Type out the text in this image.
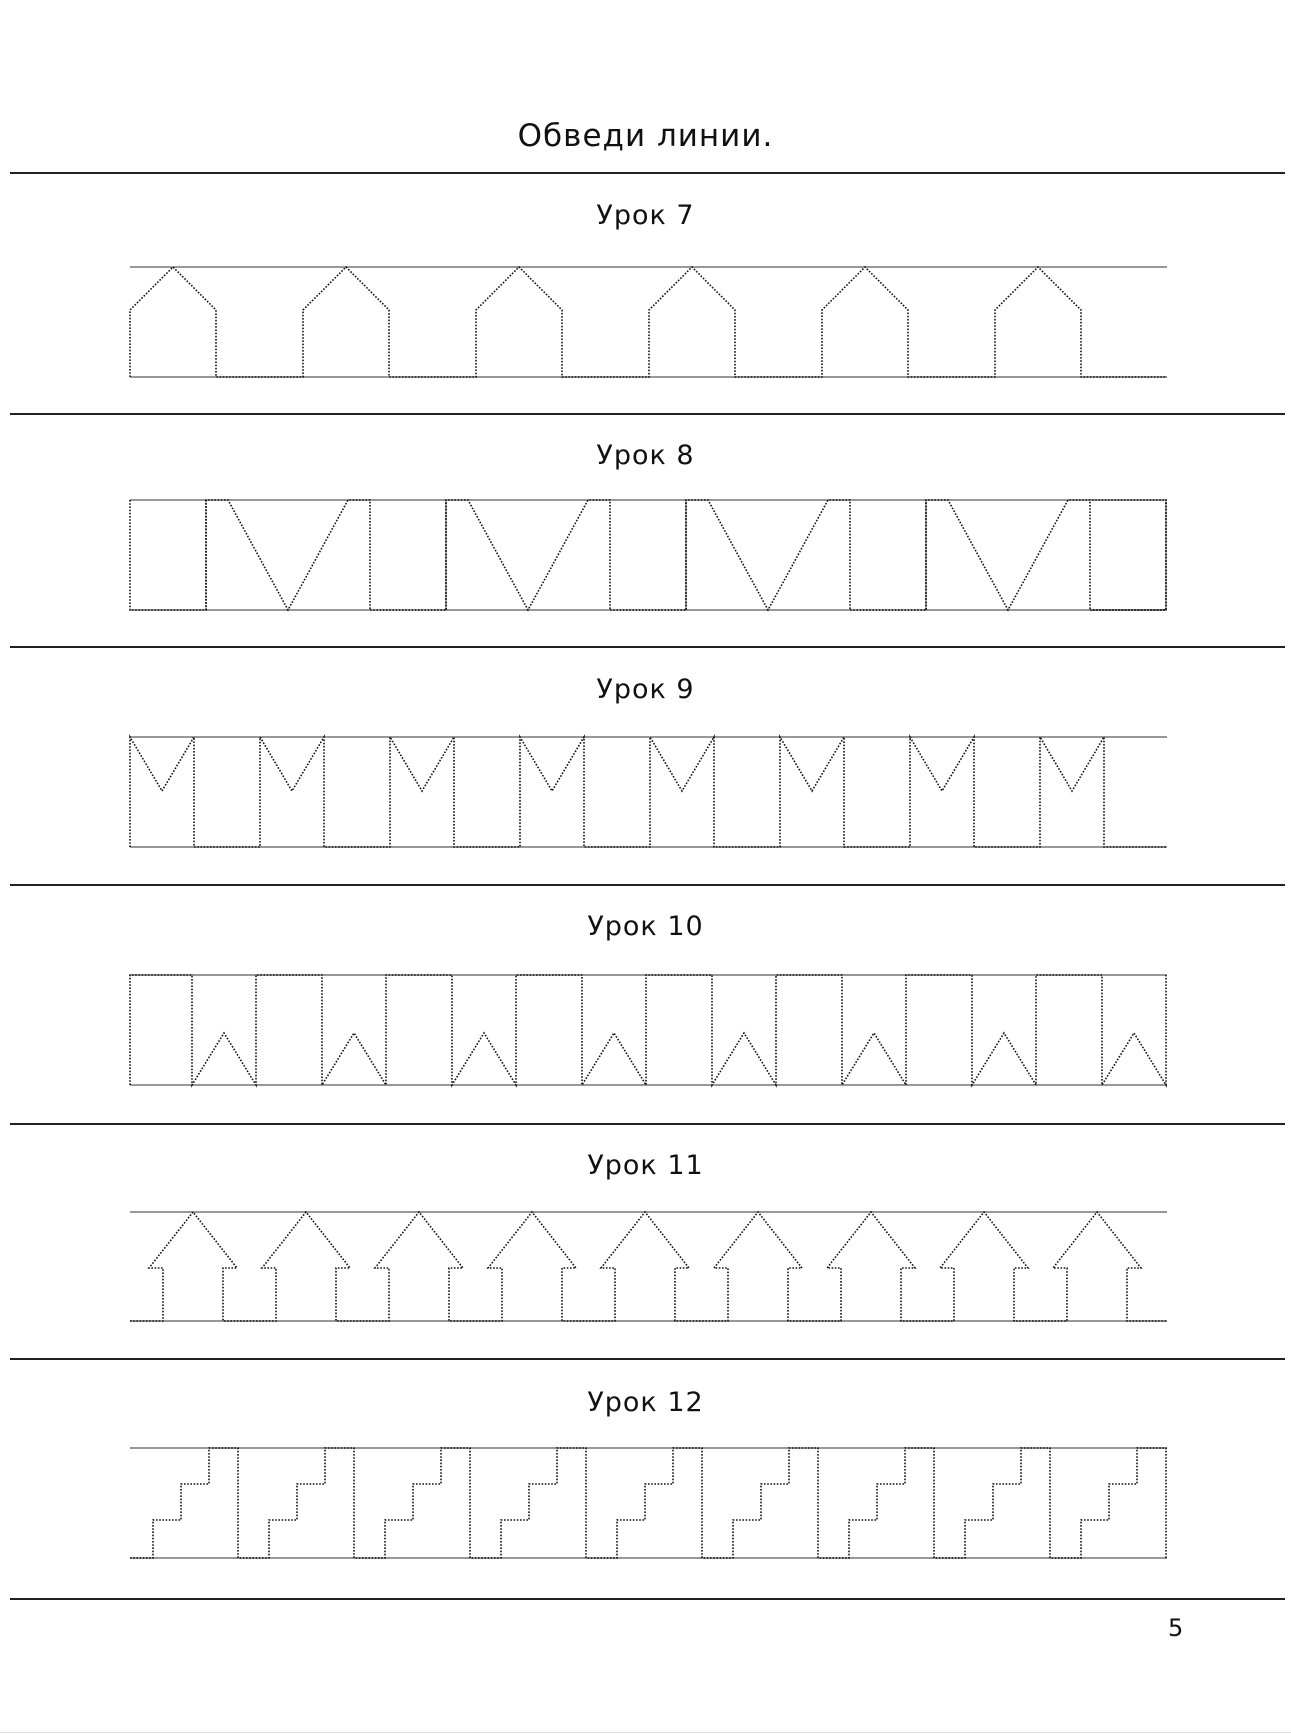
Обведи линии.
Урок 7
Урок 8
Урок 9
Урок 10
Урок 11
Урок 12
5
